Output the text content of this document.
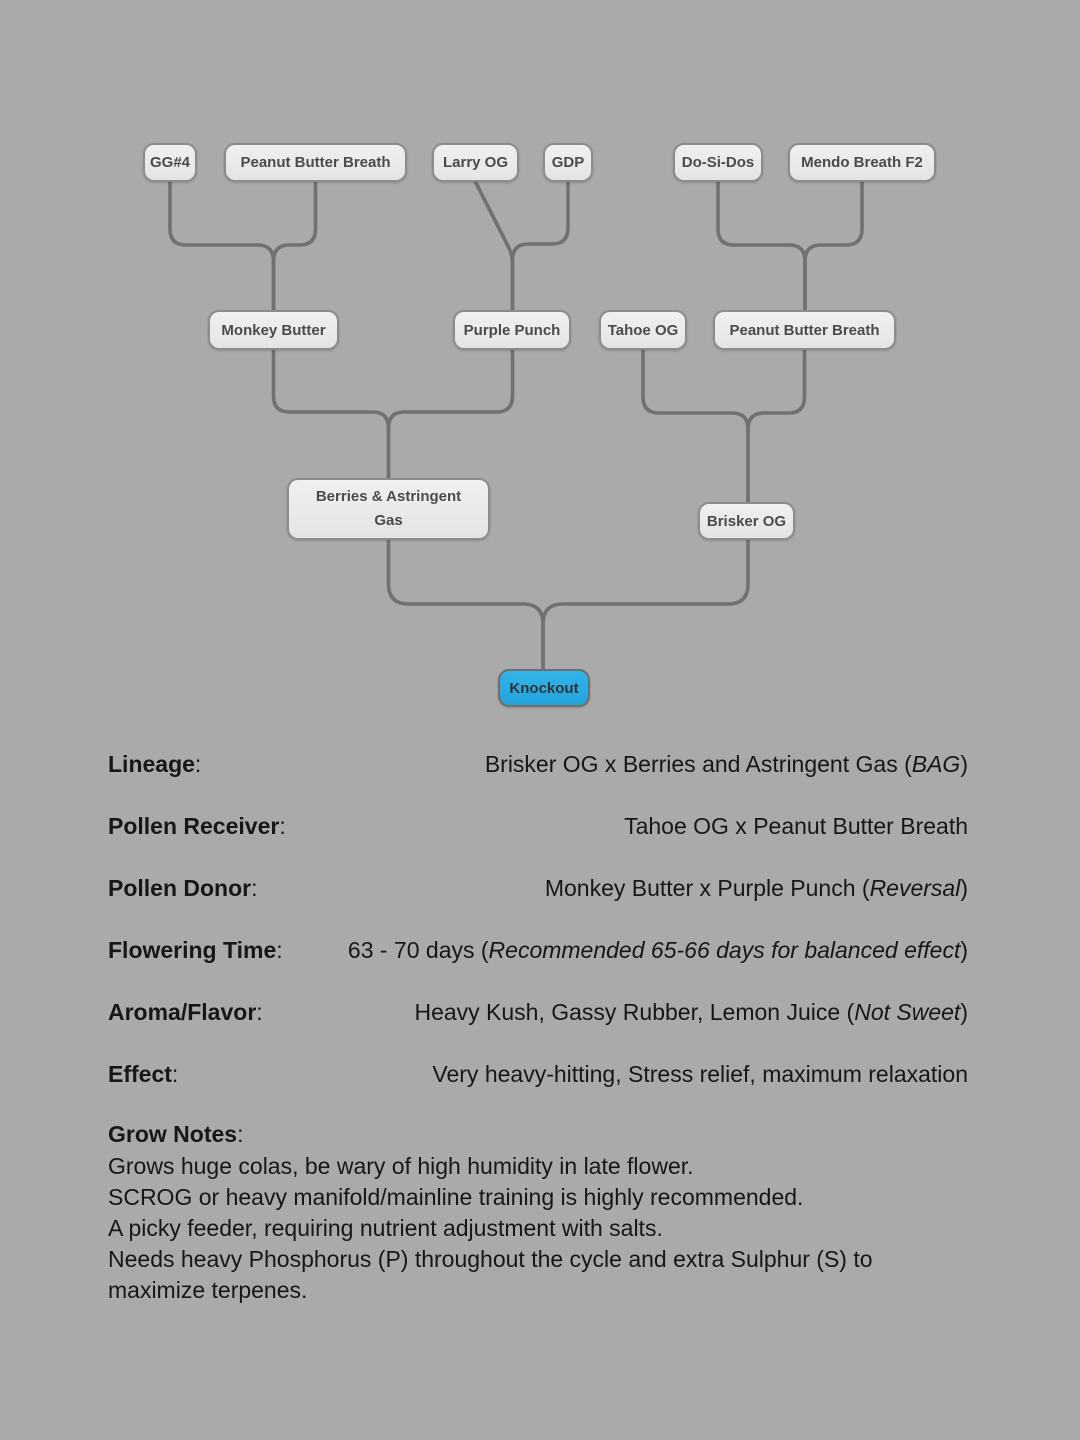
GG#4	Peanut Butter Breath	Larry OG	GDP	Do-Si-Dos	Mendo Breath F2
Monkey Butter	Purple Punch	Tahoe OG	Peanut Butter Breath
Berries & Astringent Gas	Brisker OG
Knockout
Lineage:	Brisker OG x Berries and Astringent Gas (BAG)
Pollen Receiver:	Tahoe OG x Peanut Butter Breath
Pollen Donor:	Monkey Butter x Purple Punch (Reversal)
Flowering Time:	63 - 70 days (Recommended 65-66 days for balanced effect)
Aroma/Flavor:	Heavy Kush, Gassy Rubber, Lemon Juice (Not Sweet)
Effect:	Very heavy-hitting, Stress relief, maximum relaxation
Grow Notes:
Grows huge colas, be wary of high humidity in late flower.
SCROG or heavy manifold/mainline training is highly recommended.
A picky feeder, requiring nutrient adjustment with salts.
Needs heavy Phosphorus (P) throughout the cycle and extra Sulphur (S) to maximize terpenes.
